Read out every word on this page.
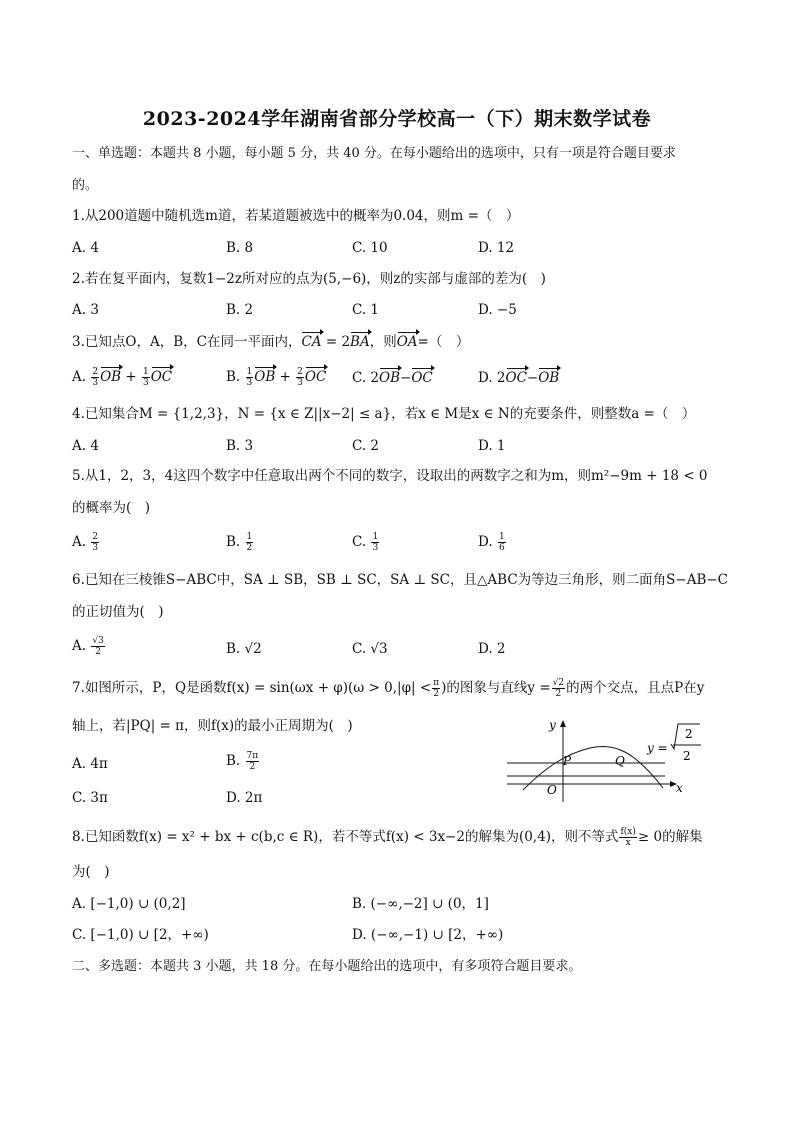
2023-2024学年湖南省部分学校高一（下）期末数学试卷
一、单选题：本题共 8 小题，每小题 5 分，共 40 分。在每小题给出的选项中，只有一项是符合题目要求
的。
1.从200道题中随机选m道，若某道题被选中的概率为0.04，则m =（　）
A. 4	B. 8	C. 10	D. 12
2.若在复平面内，复数1−2z所对应的点为(5,−6)，则z的实部与虚部的差为(　)
A. 3	B. 2	C. 1	D. −5
3.已知点O，A，B，C在同一平面内，CA = 2BA，则OA=（　）
A. $\frac{2}{3}$ OB + $\frac{1}{3}$ OC	B. $\frac{1}{3}$ OB + $\frac{2}{3}$ OC C. 2OB−OC	D. 2OC−OB
4.已知集合M = {1,2,3}，N = {x ∈ Z||x−2| ≤ a}，若x ∈ M是x ∈ N的充要条件，则整数a =（　）
A. 4	B. 3	C. 2	D. 1
5.从1，2，3，4这四个数字中任意取出两个不同的数字，设取出的两数字之和为m，则m²−9m + 18 < 0
的概率为(　)
A. $\frac{2}{3}$	B. $\frac{1}{2}$	C. $\frac{1}{3}$	D. $\frac{1}{6}$
6.已知在三棱锥S−ABC中，SA ⊥ SB，SB ⊥ SC，SA ⊥ SC，且△ABC为等边三角形，则二面角S−AB−C
的正切值为(　)
A. $\frac{√3}{2}$	B. √2	C. √3	D. 2
7.如图所示，P，Q是函数$f(x) = \sin(\omega x + \varphi)(\omega > 0,|\varphi| < \frac{\pi}{2}$ )的图象与直线$y = \frac{√2}{2}$ 的两个交点，且点P在y
轴上，若|PQ| = π，则f(x)的最小正周期为(　)
A. 4π	B. $\frac{7\pi}{2}$
C. 3π	D. 2π
y
x
O
P	Q
y =
2
2
8.已知函数f(x) = x² + bx + c(b,c ∈ R)，若不等式f(x) < 3x−2的解集为(0,4)，则不等式 $\frac{f(x)}{x} \ge 0$的解集
为(　)
A. [−1,0) ∪ (0,2]	B. (−∞,−2] ∪ (0，1]
C. [−1,0) ∪ [2，+∞)	D. (−∞,−1) ∪ [2，+∞)
二、多选题：本题共 3 小题，共 18 分。在每小题给出的选项中，有多项符合题目要求。
